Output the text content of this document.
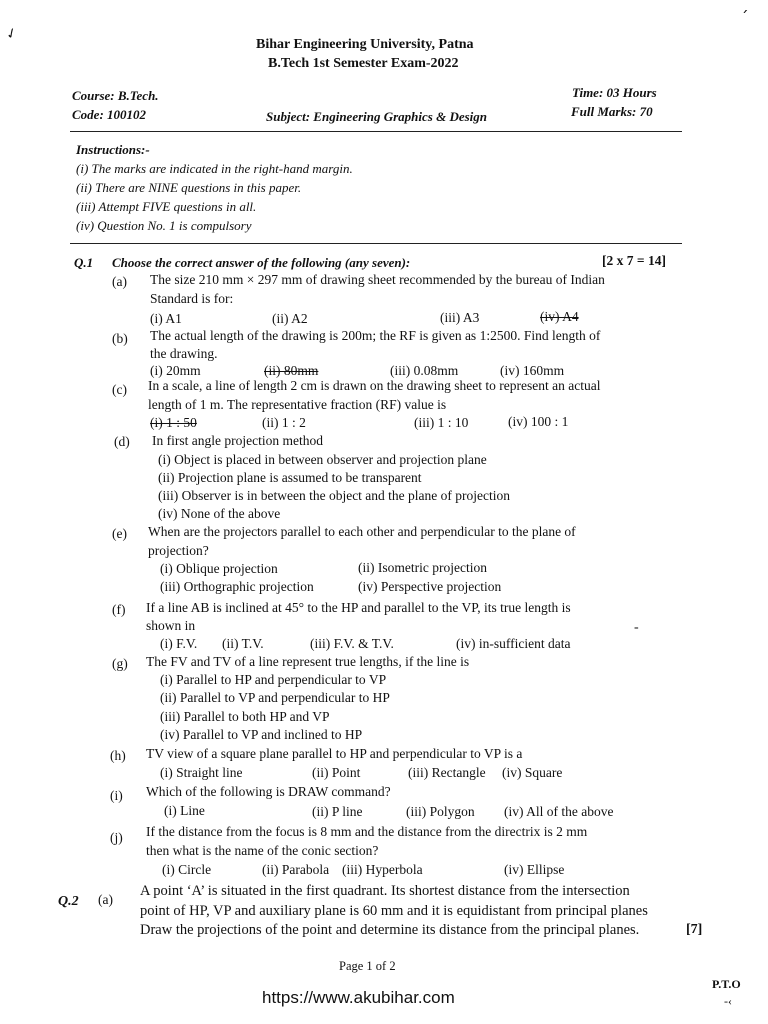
✓
׳
Bihar Engineering University, Patna
B.Tech 1st Semester Exam-2022
Course: B.Tech.
Code: 100102	Subject: Engineering Graphics & Design
Time: 03 Hours
Full Marks: 70
Instructions:-
(i) The marks are indicated in the right-hand margin.
(ii) There are NINE questions in this paper.
(iii) Attempt FIVE questions in all.
(iv) Question No. 1 is compulsory
Q.1 Choose the correct answer of the following (any seven):	[2 x 7 = 14]
(a) The size 210 mm × 297 mm of drawing sheet recommended by the bureau of Indian
Standard is for:
(i) A1	(ii) A2	(iii) A3	(iv) A4
(b) The actual length of the drawing is 200m; the RF is given as 1:2500. Find length of
the drawing.
(i) 20mm	(ii) 80mm	(iii) 0.08mm	(iv) 160mm
(c) In a scale, a line of length 2 cm is drawn on the drawing sheet to represent an actual
length of 1 m. The representative fraction (RF) value is
(i) 1 : 50	(ii) 1 : 2	(iii) 1 : 10	(iv) 100 : 1
(d) In first angle projection method
(i) Object is placed in between observer and projection plane
(ii) Projection plane is assumed to be transparent
(iii) Observer is in between the object and the plane of projection
(iv) None of the above
(e) When are the projectors parallel to each other and perpendicular to the plane of
projection?
(i) Oblique projection	(ii) Isometric projection
(iii) Orthographic projection	(iv) Perspective projection
(f) If a line AB is inclined at 45° to the HP and parallel to the VP, its true length is
shown in
(i) F.V. (ii) T.V.	(iii) F.V. & T.V.	(iv) in-sufficient data
-
(g) The FV and TV of a line represent true lengths, if the line is
(i) Parallel to HP and perpendicular to VP
(ii) Parallel to VP and perpendicular to HP
(iii) Parallel to both HP and VP
(iv) Parallel to VP and inclined to HP
(h) TV view of a square plane parallel to HP and perpendicular to VP is a
(i) Straight line	(ii) Point	(iii) Rectangle (iv) Square
(i) Which of the following is DRAW command?
(i) Line	(ii) P line	(iii) Polygon (iv) All of the above
(j) If the distance from the focus is 8 mm and the distance from the directrix is 2 mm
then what is the name of the conic section?
(i) Circle	(ii) Parabola (iii) Hyperbola	(iv) Ellipse
Q.2 (a)
A point ‘A’ is situated in the first quadrant. Its shortest distance from the intersection
point of HP, VP and auxiliary plane is 60 mm and it is equidistant from principal planes
Draw the projections of the point and determine its distance from the principal planes.	[7]
Page 1 of 2
P.T.O
-‹
https://www.akubihar.com
